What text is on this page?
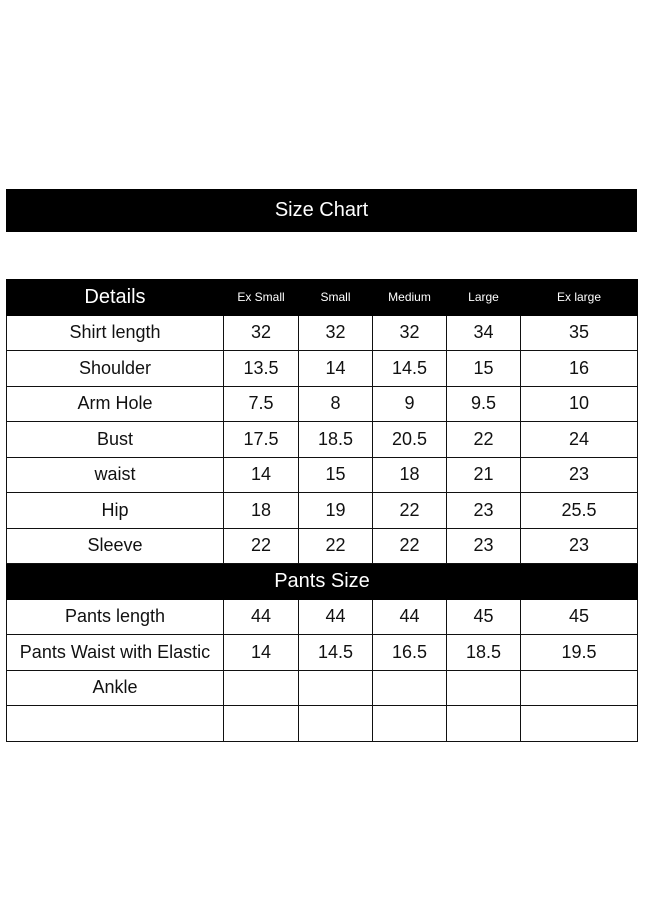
Size Chart
Details	Ex Small	Small	Medium	Large	Ex large
Shirt length	32	32	32	34	35
Shoulder	13.5	14	14.5	15	16
Arm Hole	7.5	8	9	9.5	10
Bust	17.5	18.5	20.5	22	24
waist	14	15	18	21	23
Hip	18	19	22	23	25.5
Sleeve	22	22	22	23	23
Pants Size					
Pants length	44	44	44	45	45
Pants Waist with Elastic	14	14.5	16.5	18.5	19.5
Ankle					
